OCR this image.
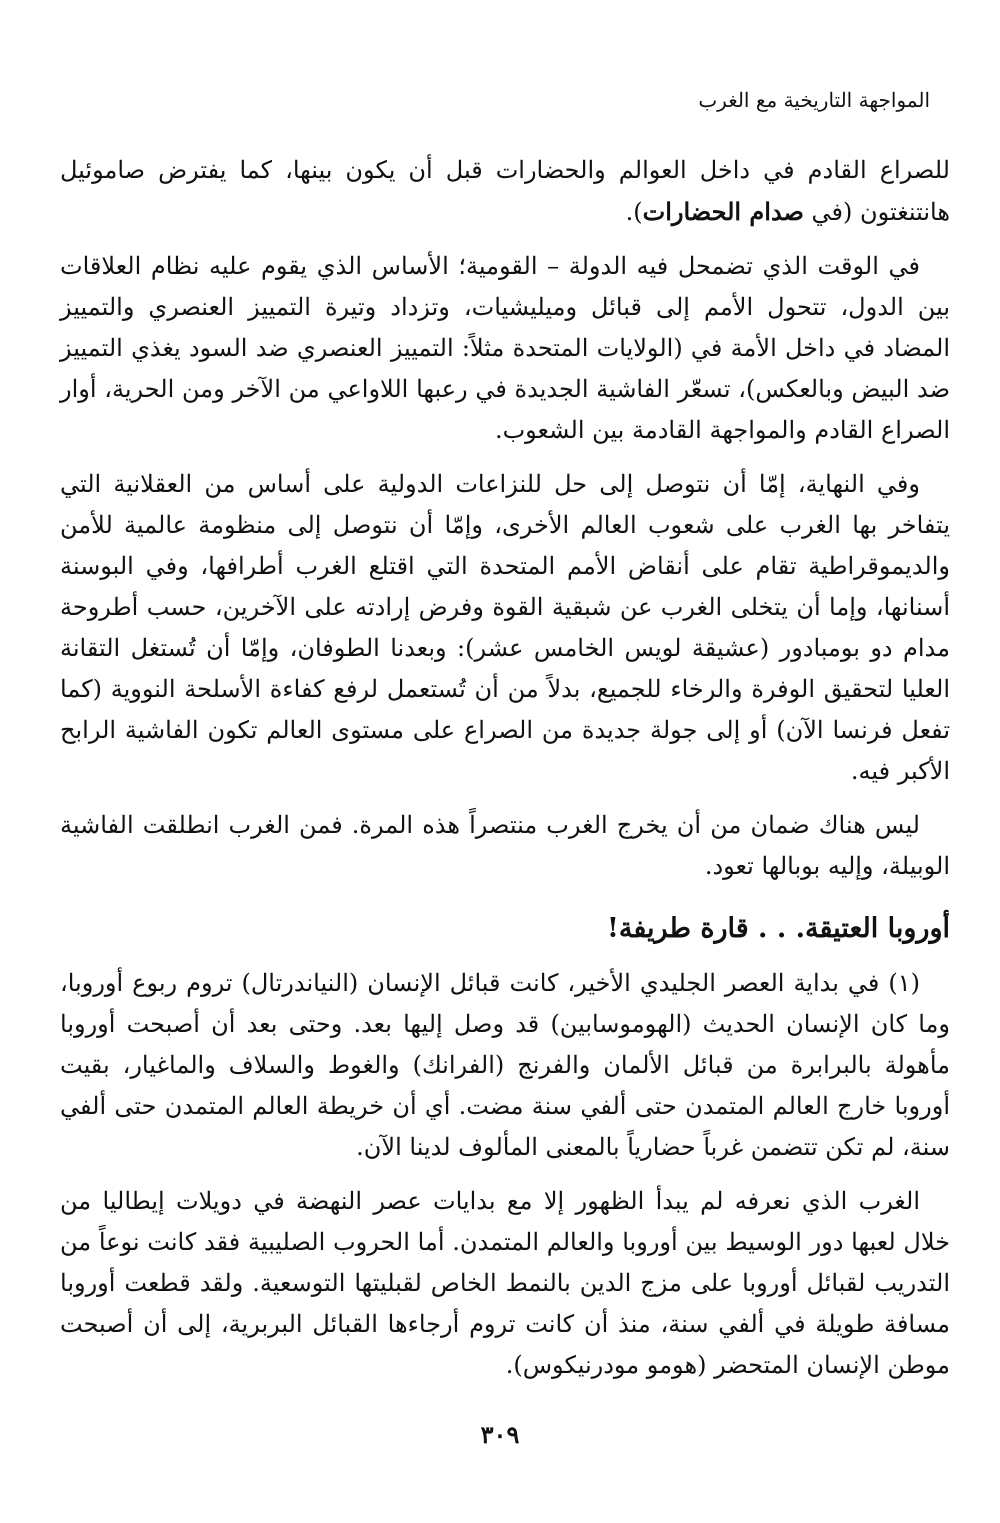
المواجهة التاريخية مع الغرب

للصراع القادم في داخل العوالم والحضارات قبل أن يكون بينها، كما يفترض صاموئيل هانتنغتون (في صدام الحضارات).

في الوقت الذي تضمحل فيه الدولة – القومية؛ الأساس الذي يقوم عليه نظام العلاقات بين الدول، تتحول الأمم إلى قبائل وميليشيات، وتزداد وتيرة التمييز العنصري والتمييز المضاد في داخل الأمة في (الولايات المتحدة مثلاً: التمييز العنصري ضد السود يغذي التمييز ضد البيض وبالعكس)، تسعّر الفاشية الجديدة في رعبها اللاواعي من الآخر ومن الحرية، أوار الصراع القادم والمواجهة القادمة بين الشعوب.

وفي النهاية، إمّا أن نتوصل إلى حل للنزاعات الدولية على أساس من العقلانية التي يتفاخر بها الغرب على شعوب العالم الأخرى، وإمّا أن نتوصل إلى منظومة عالمية للأمن والديموقراطية تقام على أنقاض الأمم المتحدة التي اقتلع الغرب أطرافها، وفي البوسنة أسنانها، وإما أن يتخلى الغرب عن شبقية القوة وفرض إرادته على الآخرين، حسب أطروحة مدام دو بومبادور (عشيقة لويس الخامس عشر): وبعدنا الطوفان، وإمّا أن تُستغل التقانة العليا لتحقيق الوفرة والرخاء للجميع، بدلاً من أن تُستعمل لرفع كفاءة الأسلحة النووية (كما تفعل فرنسا الآن) أو إلى جولة جديدة من الصراع على مستوى العالم تكون الفاشية الرابح الأكبر فيه.

ليس هناك ضمان من أن يخرج الغرب منتصراً هذه المرة. فمن الغرب انطلقت الفاشية الوبيلة، وإليه بوبالها تعود.

أوروبا العتيقة. . . قارة طريفة!

(١) في بداية العصر الجليدي الأخير، كانت قبائل الإنسان (النياندرتال) تروم ربوع أوروبا، وما كان الإنسان الحديث (الهوموسابين) قد وصل إليها بعد. وحتى بعد أن أصبحت أوروبا مأهولة بالبرابرة من قبائل الألمان والفرنج (الفرانك) والغوط والسلاف والماغيار، بقيت أوروبا خارج العالم المتمدن حتى ألفي سنة مضت. أي أن خريطة العالم المتمدن حتى ألفي سنة، لم تكن تتضمن غرباً حضارياً بالمعنى المألوف لدينا الآن.

الغرب الذي نعرفه لم يبدأ الظهور إلا مع بدايات عصر النهضة في دويلات إيطاليا من خلال لعبها دور الوسيط بين أوروبا والعالم المتمدن. أما الحروب الصليبية فقد كانت نوعاً من التدريب لقبائل أوروبا على مزج الدين بالنمط الخاص لقبليتها التوسعية. ولقد قطعت أوروبا مسافة طويلة في ألفي سنة، منذ أن كانت تروم أرجاءها القبائل البربرية، إلى أن أصبحت موطن الإنسان المتحضر (هومو مودرنيكوس).

٣٠٩
